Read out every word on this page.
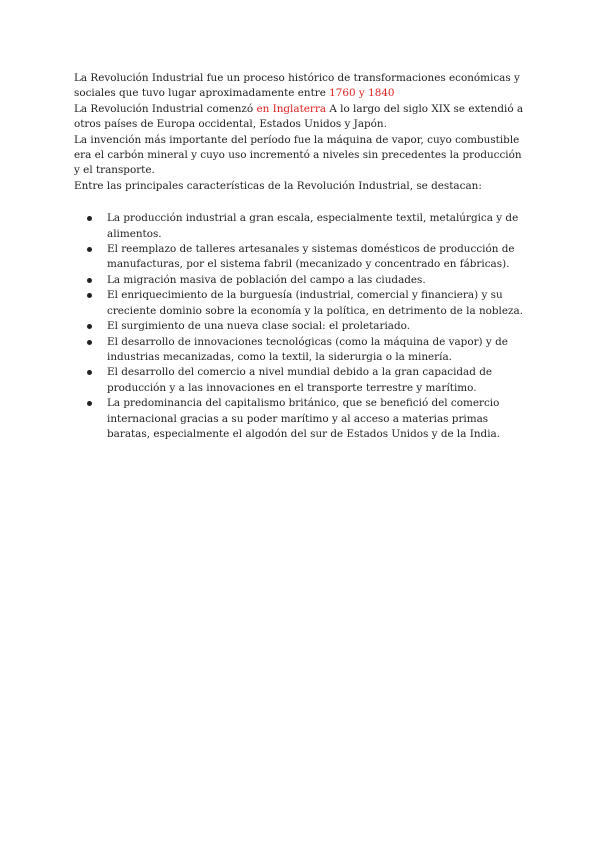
La Revolución Industrial fue un proceso histórico de transformaciones económicas y sociales que tuvo lugar aproximadamente entre 1760 y 1840

La Revolución Industrial comenzó en Inglaterra A lo largo del siglo XIX se extendió a otros países de Europa occidental, Estados Unidos y Japón.

La invención más importante del período fue la máquina de vapor, cuyo combustible era el carbón mineral y cuyo uso incrementó a niveles sin precedentes la producción y el transporte.

Entre las principales características de la Revolución Industrial, se destacan:

La producción industrial a gran escala, especialmente textil, metalúrgica y de alimentos.
El reemplazo de talleres artesanales y sistemas domésticos de producción de manufacturas, por el sistema fabril (mecanizado y concentrado en fábricas).
La migración masiva de población del campo a las ciudades.
El enriquecimiento de la burguesía (industrial, comercial y financiera) y su creciente dominio sobre la economía y la política, en detrimento de la nobleza.
El surgimiento de una nueva clase social: el proletariado.
El desarrollo de innovaciones tecnológicas (como la máquina de vapor) y de industrias mecanizadas, como la textil, la siderurgia o la minería.
El desarrollo del comercio a nivel mundial debido a la gran capacidad de producción y a las innovaciones en el transporte terrestre y marítimo.
La predominancia del capitalismo británico, que se benefició del comercio internacional gracias a su poder marítimo y al acceso a materias primas baratas, especialmente el algodón del sur de Estados Unidos y de la India.
